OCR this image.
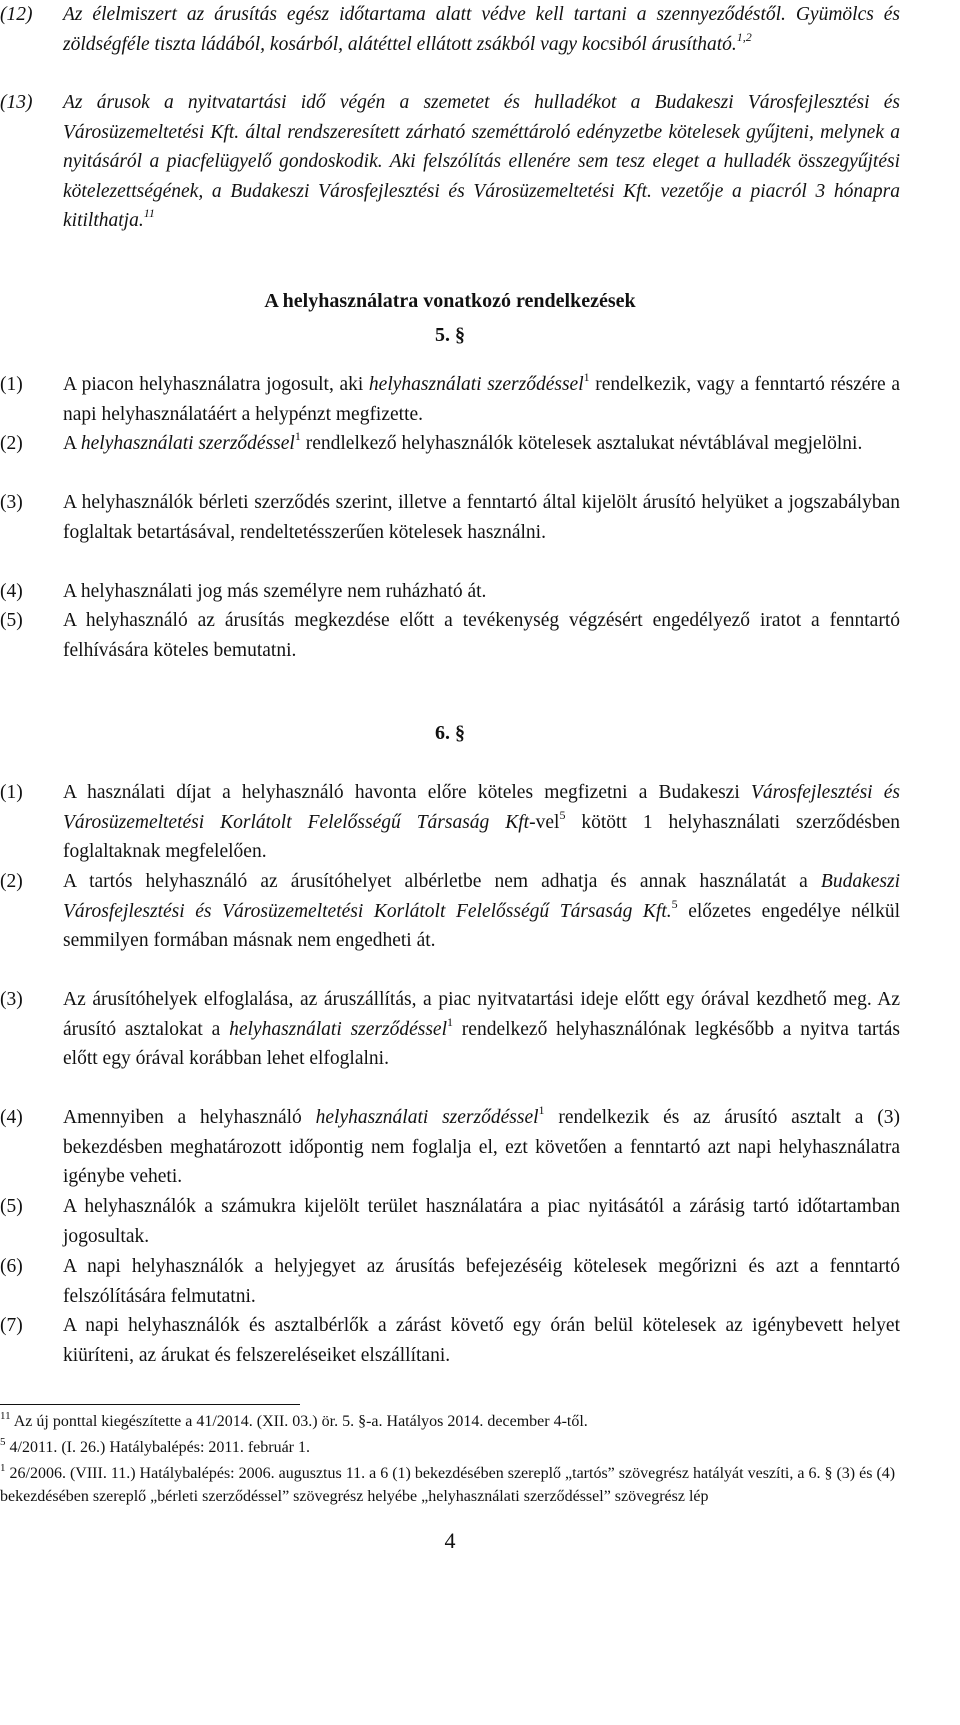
(12) Az élelmiszert az árusítás egész időtartama alatt védve kell tartani a szennyeződéstől. Gyümölcs és zöldségféle tiszta ládából, kosárból, alátéttel ellátott zsákból vagy kocsiból árusítható.$^{1,2}$
(13) Az árusok a nyitvatartási idő végén a szemetet és hulladékot a Budakeszi Városfejlesztési és Városüzemeltetési Kft. által rendszeresített zárható szeméttároló edényzetbe kötelesek gyűjteni, melynek a nyitásáról a piacfelügyelő gondoskodik. Aki felszólítás ellenére sem tesz eleget a hulladék összegyűjtési kötelezettségének, a Budakeszi Városfejlesztési és Városüzemeltetési Kft. vezetője a piacról 3 hónapra kitilthatja.$^{11}$
A helyhasználatra vonatkozó rendelkezések
5. §
(1) A piacon helyhasználatra jogosult, aki helyhasználati szerződéssel$^1$ rendelkezik, vagy a fenntartó részére a napi helyhasználatáért a helypénzt megfizette.
(2) A helyhasználati szerződéssel$^1$ rendlelkező helyhasználók kötelesek asztalukat névtáblával megjelölni.
(3) A helyhasználók bérleti szerződés szerint, illetve a fenntartó által kijelölt árusító helyüket a jogszabályban foglaltak betartásával, rendeltetésszerűen kötelesek használni.
(4) A helyhasználati jog más személyre nem ruházható át.
(5) A helyhasználó az árusítás megkezdése előtt a tevékenység végzésért engedélyező iratot a fenntartó felhívására köteles bemutatni.
6. §
(1) A használati díjat a helyhasználó havonta előre köteles megfizetni a Budakeszi Városfejlesztési és Városüzemeltetési Korlátolt Felelősségű Társaság Kft-vel$^5$ kötött 1 helyhasználati szerződésben foglaltaknak megfelelően.
(2) A tartós helyhasználó az árusítóhelyet albérletbe nem adhatja és annak használatát a Budakeszi Városfejlesztési és Városüzemeltetési Korlátolt Felelősségű Társaság Kft.$^5$ előzetes engedélye nélkül semmilyen formában másnak nem engedheti át.
(3) Az árusítóhelyek elfoglalása, az áruszállítás, a piac nyitvatartási ideje előtt egy órával kezdhető meg. Az árusító asztalokat a helyhasználati szerződéssel$^1$ rendelkező helyhasználónak legkésőbb a nyitva tartás előtt egy órával korábban lehet elfoglalni.
(4) Amennyiben a helyhasználó helyhasználati szerződéssel$^1$ rendelkezik és az árusító asztalt a (3) bekezdésben meghatározott időpontig nem foglalja el, ezt követően a fenntartó azt napi helyhasználatra igénybe veheti.
(5) A helyhasználók a számukra kijelölt terület használatára a piac nyitásától a zárásig tartó időtartamban jogosultak.
(6) A napi helyhasználók a helyjegyet az árusítás befejezéséig kötelesek megőrizni és azt a fenntartó felszólítására felmutatni.
(7) A napi helyhasználók és asztalbérlők a zárást követő egy órán belül kötelesek az igénybevett helyet kiüríteni, az árukat és felszereléseiket elszállítani.
$^{11}$ Az új ponttal kiegészítette a 41/2014. (XII. 03.) ör. 5. §-a. Hatályos 2014. december 4-től.
$^5$ 4/2011. (I. 26.) Hatálybalépés: 2011. február 1.
$^1$ 26/2006. (VIII. 11.) Hatálybalépés: 2006. augusztus 11. a 6 (1) bekezdésében szereplő „tartós” szövegrész hatályát veszíti, a 6. § (3) és (4) bekezdésében szereplő „bérleti szerződéssel” szövegrész helyébe „helyhasználati szerződéssel” szövegrész lép
4
